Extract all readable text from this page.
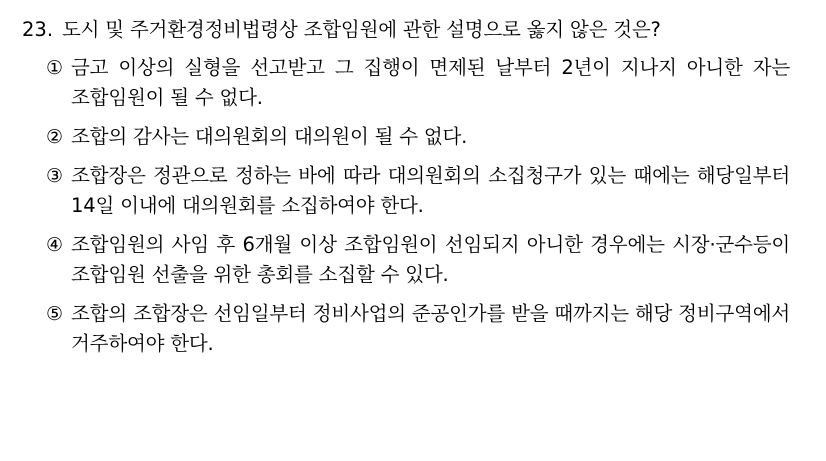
23. 도시 및 주거환경정비법령상 조합임원에 관한 설명으로 옳지 않은 것은?
① 금고 이상의 실형을 선고받고 그 집행이 면제된 날부터 2년이 지나지 아니한 자는 조합임원이 될 수 없다.
② 조합의 감사는 대의원회의 대의원이 될 수 없다.
③ 조합장은 정관으로 정하는 바에 따라 대의원회의 소집청구가 있는 때에는 해당일부터 14일 이내에 대의원회를 소집하여야 한다.
④ 조합임원의 사임 후 6개월 이상 조합임원이 선임되지 아니한 경우에는 시장·군수등이 조합임원 선출을 위한 총회를 소집할 수 있다.
⑤ 조합의 조합장은 선임일부터 정비사업의 준공인가를 받을 때까지는 해당 정비구역에서 거주하여야 한다.
